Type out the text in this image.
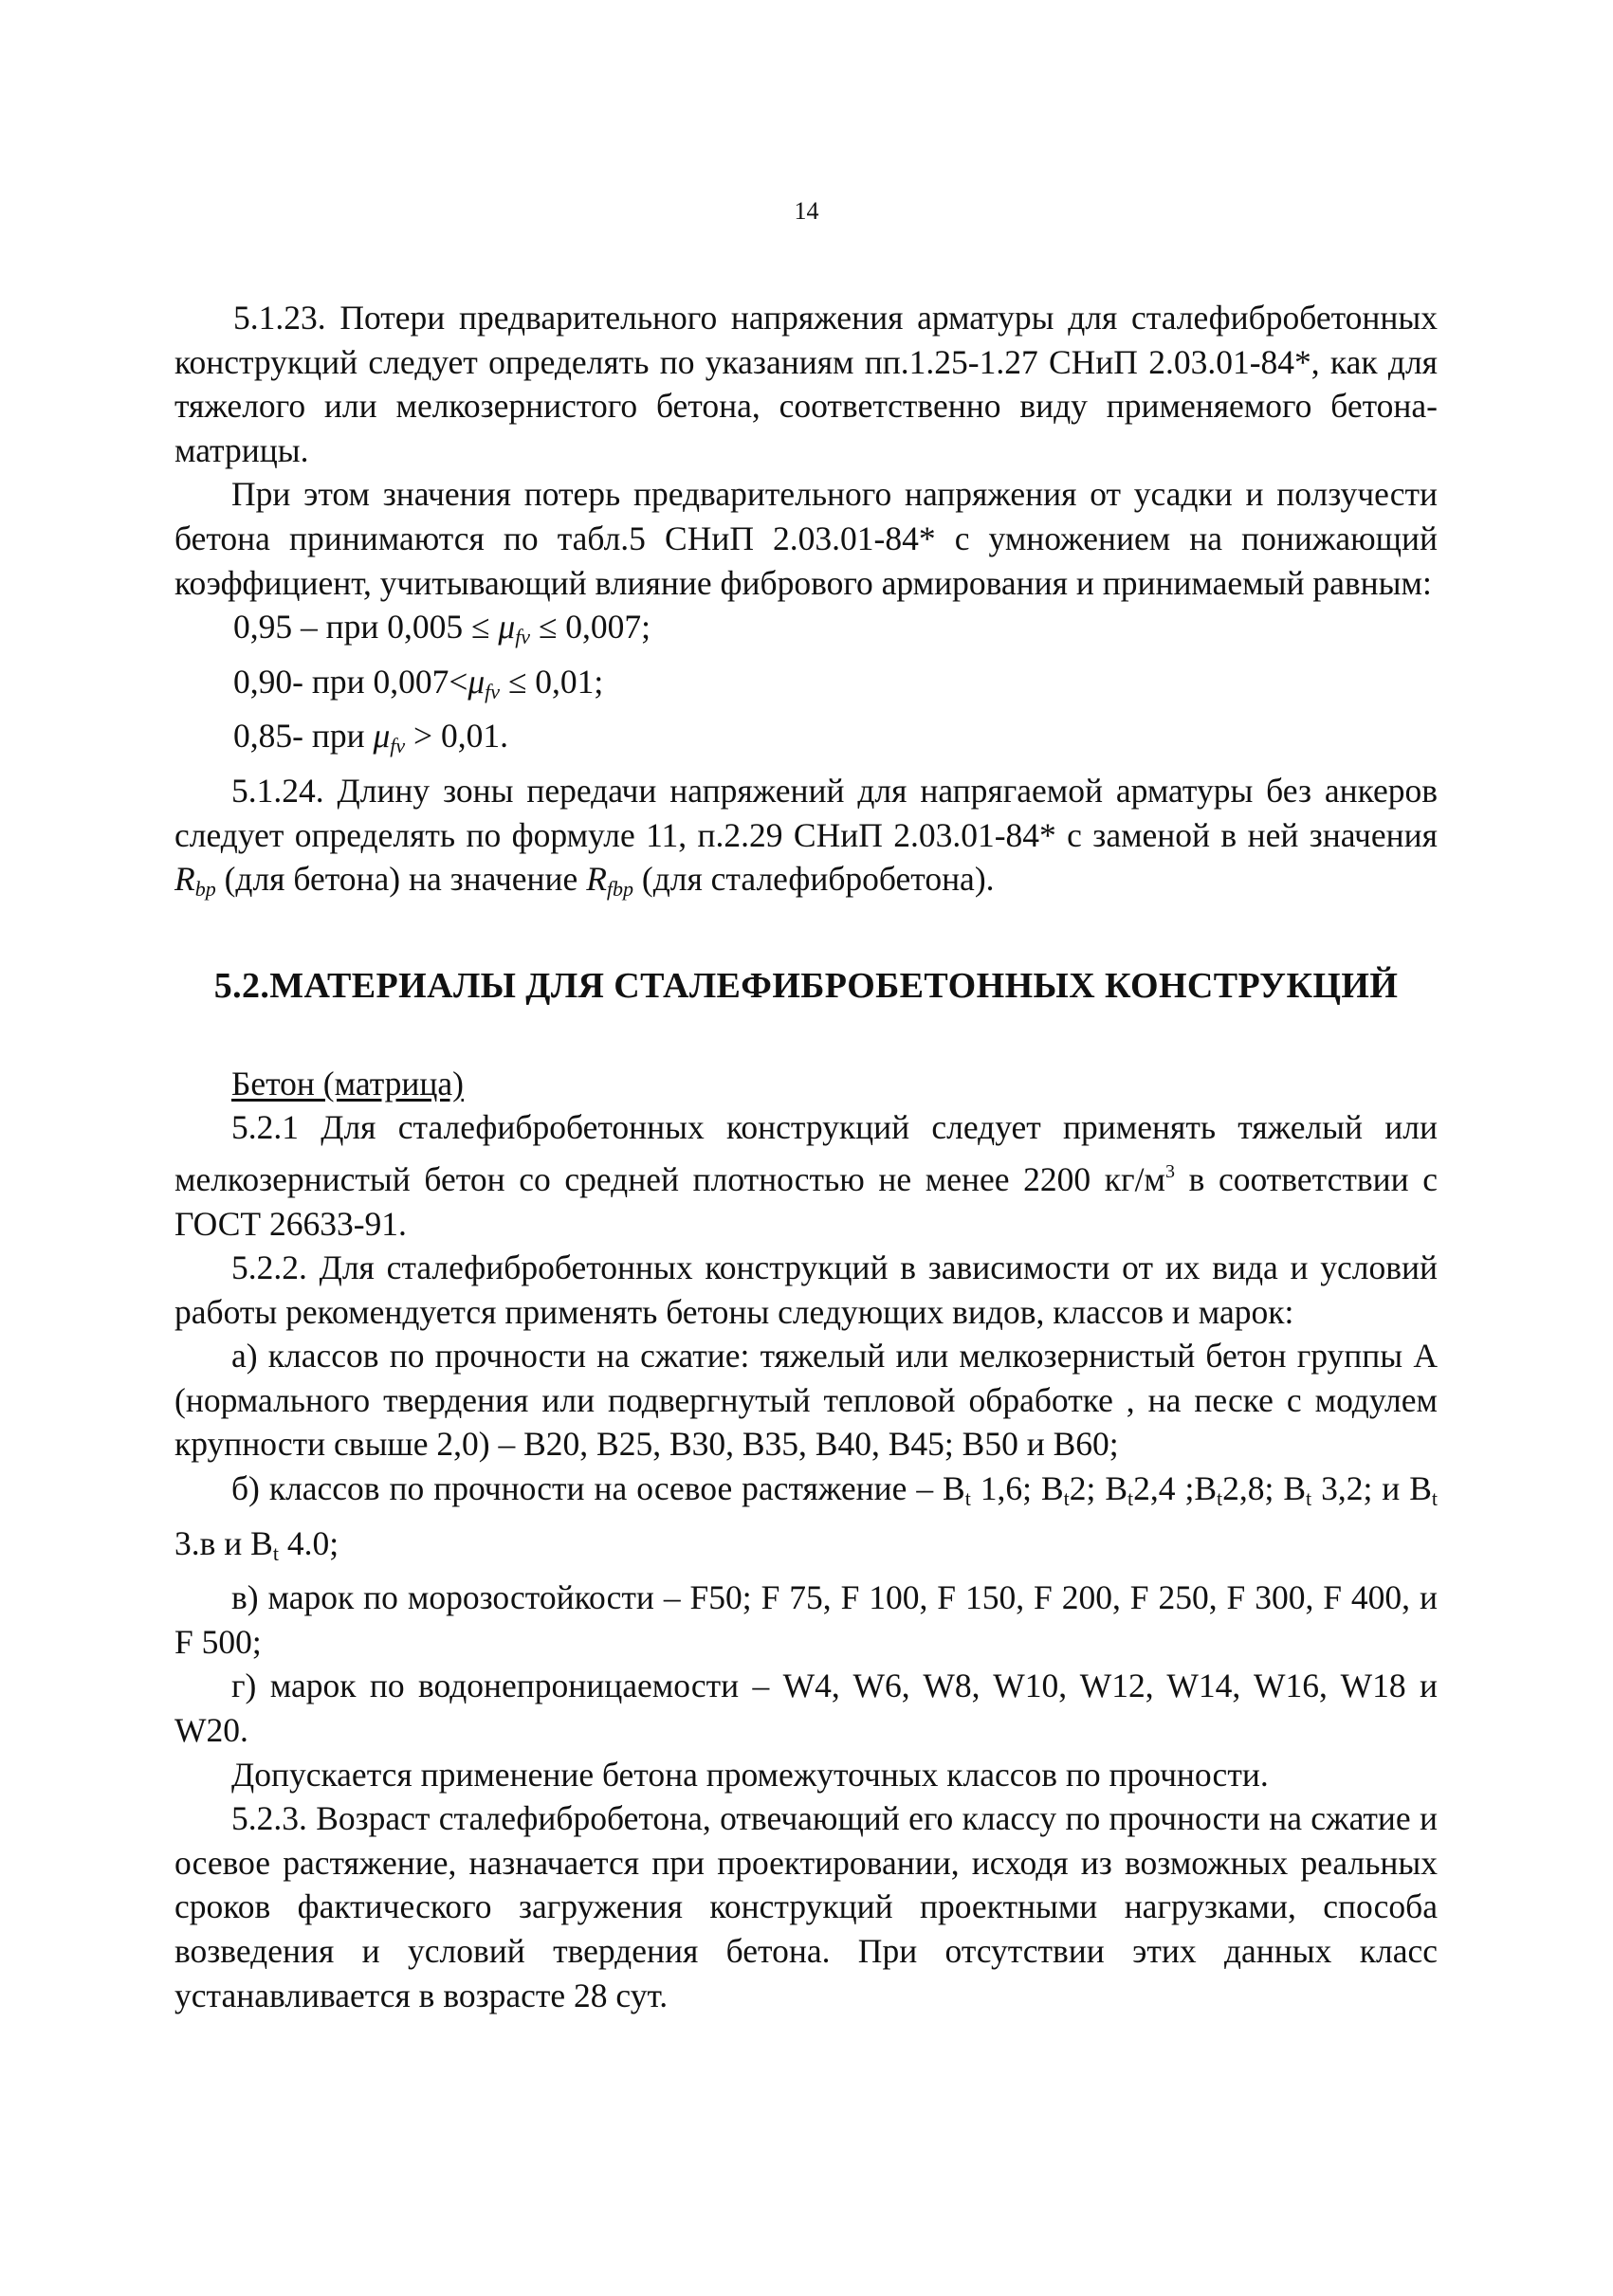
14

5.1.23. Потери предварительного напряжения арматуры для сталефибробетонных конструкций следует определять по указаниям пп.1.25-1.27 СНиП 2.03.01-84*, как для тяжелого или мелкозернистого бетона, соответственно виду применяемого бетона-матрицы.

При этом значения потерь предварительного напряжения от усадки и ползучести бетона принимаются по табл.5 СНиП 2.03.01-84* с умножением на понижающий коэффициент, учитывающий влияние фибрового армирования и принимаемый равным:

0,95 – при $0,005 \le \mu_{fv} \le 0,007$;

0,90- при $0,007<\mu_{fv} \le 0,01$;

0,85- при $\mu_{fv} > 0,01$.

5.1.24. Длину зоны передачи напряжений для напрягаемой арматуры без анкеров следует определять по формуле 11, п.2.29 СНиП 2.03.01-84* с заменой в ней значения $R_{bp}$ (для бетона) на значение $R_{fbp}$ (для сталефибробетона).

5.2.МАТЕРИАЛЫ ДЛЯ СТАЛЕФИБРОБЕТОННЫХ КОНСТРУКЦИЙ

Бетон (матрица)

5.2.1 Для сталефибробетонных конструкций следует применять тяжелый или мелкозернистый бетон со средней плотностью не менее 2200 $кг/м^3$ в соответствии с ГОСТ 26633-91.

5.2.2. Для сталефибробетонных конструкций в зависимости от их вида и условий работы рекомендуется применять бетоны следующих видов, классов и марок:

а) классов по прочности на сжатие: тяжелый или мелкозернистый бетон группы А (нормального твердения или подвергнутый тепловой обработке , на песке с модулем крупности свыше 2,0) – В20, В25, В30, В35, В40, В45; В50 и В60;

б) классов по прочности на осевое растяжение – Bt 1,6; Bt2; Bt2,4 ;Bt2,8; Bt 3,2; и Bt 3.в и Bt 4.0;

в) марок по морозостойкости – F50; F 75, F 100, F 150, F 200, F 250, F 300, F 400, и F 500;

г) марок по водонепроницаемости – W4, W6, W8, W10, W12, W14, W16, W18 и W20.

Допускается применение бетона промежуточных классов по прочности.

5.2.3. Возраст сталефибробетона, отвечающий его классу по прочности на сжатие и осевое растяжение, назначается при проектировании, исходя из возможных реальных сроков фактического загружения конструкций проектными нагрузками, способа возведения и условий твердения бетона. При отсутствии этих данных класс устанавливается в возрасте 28 сут.
